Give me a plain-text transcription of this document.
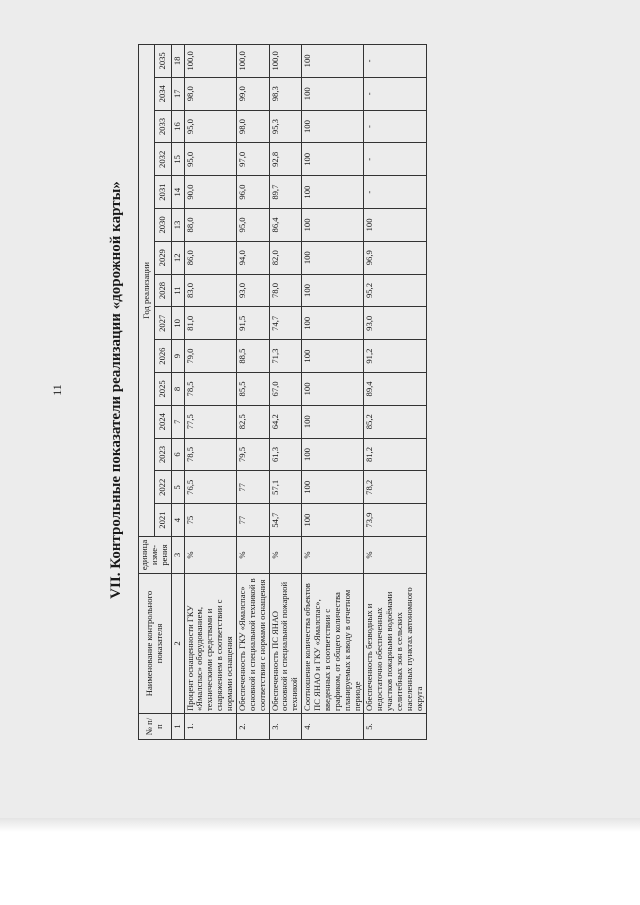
11	VII. Контрольные показатели реализации «дорожной карты»
№ п/п	Наименование контрольного показателя	единица изме-рения	Год реализации														
			2021	2022	2023	2024	2025	2026	2027	2028	2029	2030	2031	2032	2033	2034	2035
1	2	3	4	5	6	7	8	9	10	11	12	13	14	15	16	17	18
1.	Процент оснащенности ГКУ «Ямалспас» оборудованием, техническими средствами и снаряжением в соответствии с нормами оснащения	%	75	76,5	78,5	77,5	78,5	79,0	81,0	83,0	86,0	88,0	90,0	95,0	95,0	98,0	100,0
2.	Обеспеченность ГКУ «Ямалспас» основной и специальной техникой в соответствии с нормами оснащения	%	77	77	79,5	82,5	85,5	88,5	91,5	93,0	94,0	95,0	96,0	97,0	98,0	99,0	100,0
3.	Обеспеченность ПС ЯНАО основной и специальной пожарной техникой	%	54,7	57,1	61,3	64,2	67,0	71,3	74,7	78,0	82,0	86,4	89,7	92,8	95,3	98,3	100,0
4.	Соотношение количества объектов ПС ЯНАО и ГКУ «Ямалспас», введенных в соответствии с графиком, от общего количества планируемых к вводу в отчетном периоде	%	100	100	100	100	100	100	100	100	100	100	100	100	100	100	100
5.	Обеспеченность безводных и недостаточно обеспеченных участков пожарными водоёмами селитебных зон в сельских населенных пунктах автономного округа	%	73,9	78,2	81,2	85,2	89,4	91,2	93,0	95,2	96,9	100	-	-	-	-	-
